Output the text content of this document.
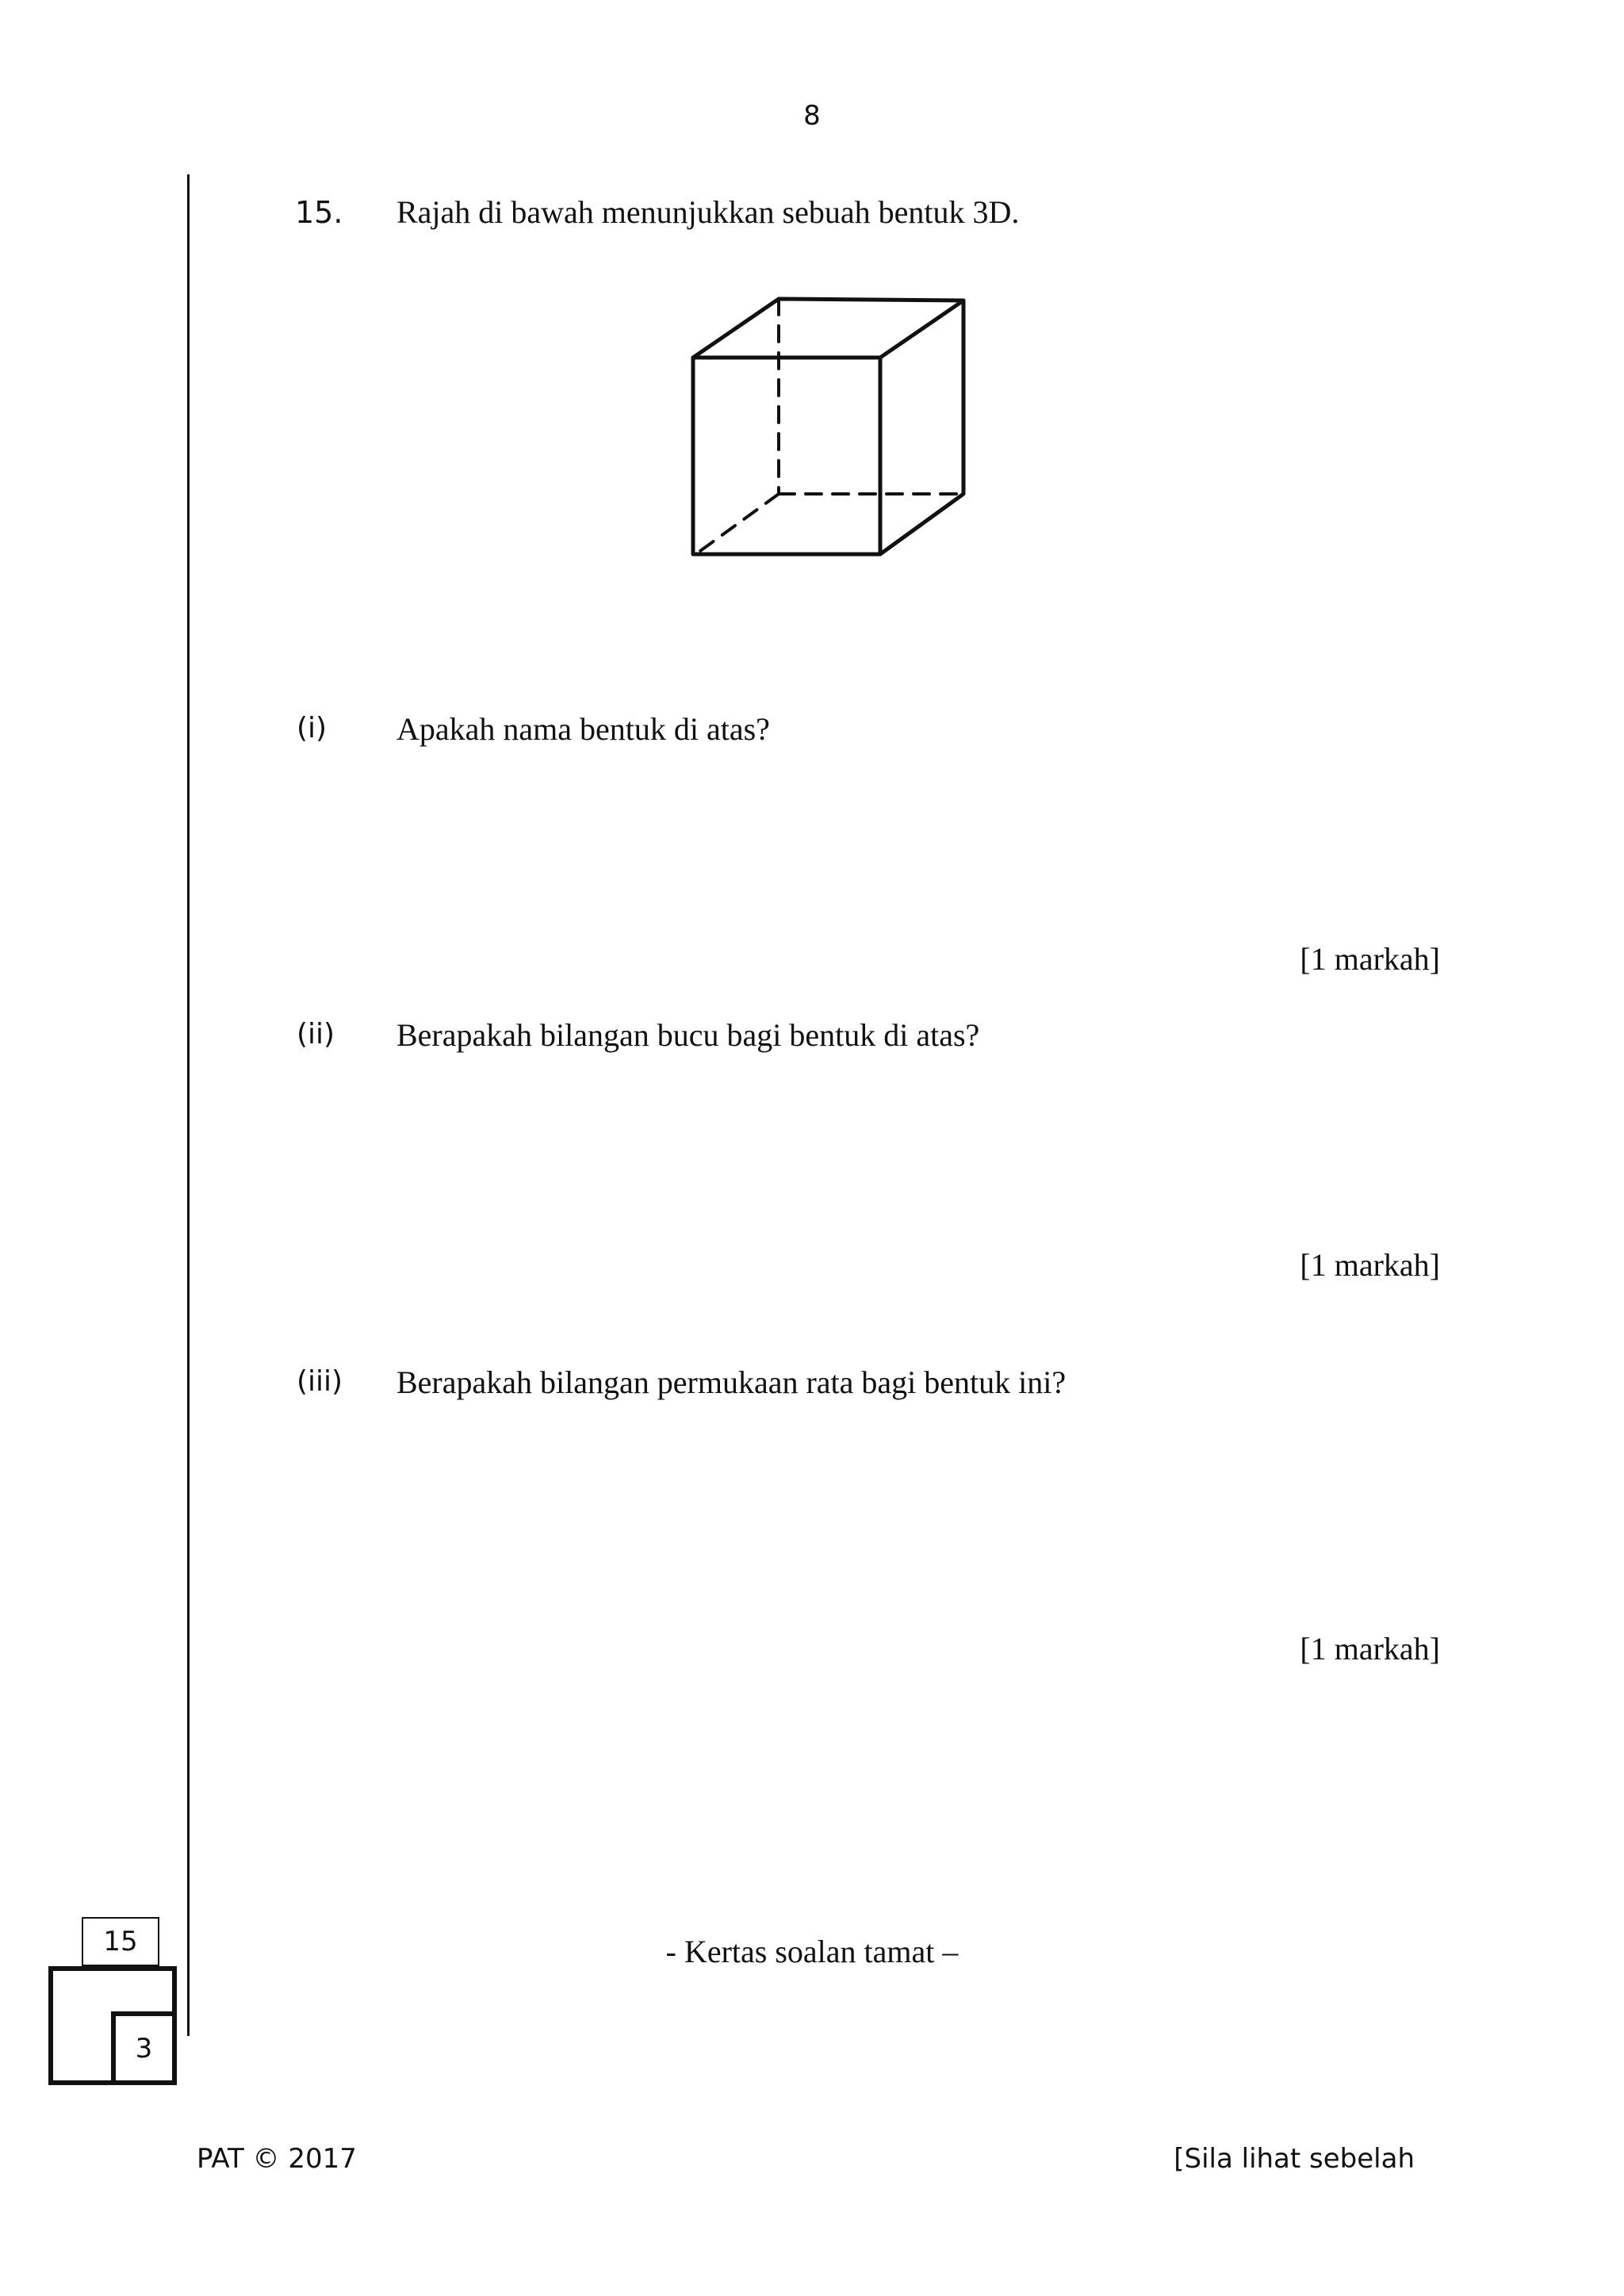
8
15. Rajah di bawah menunjukkan sebuah bentuk 3D.
(i) Apakah nama bentuk di atas?
[1 markah]
(ii) Berapakah bilangan bucu bagi bentuk di atas?
[1 markah]
(iii) Berapakah bilangan permukaan rata bagi bentuk ini?
[1 markah]
- Kertas soalan tamat –
15
3
PAT © 2017	[Sila lihat sebelah
